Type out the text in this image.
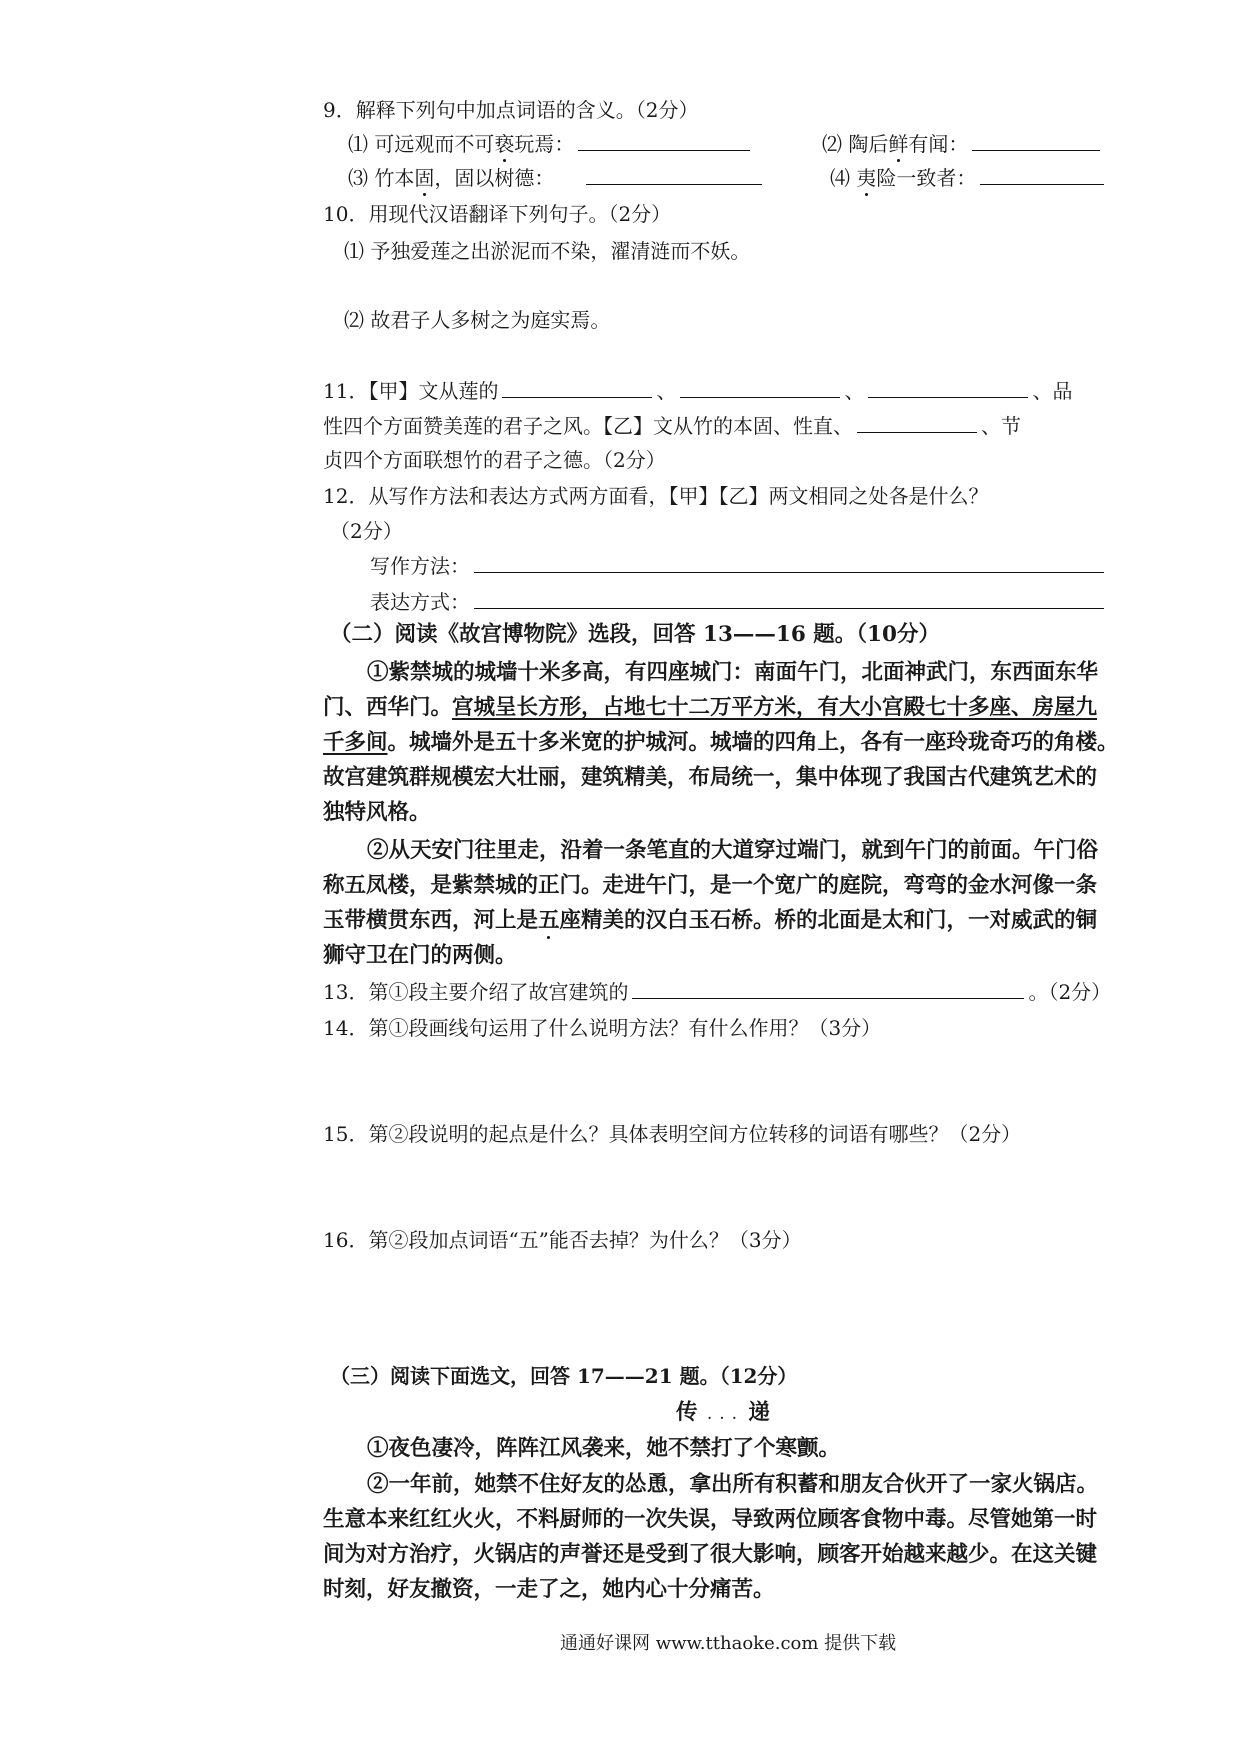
9．解释下列句中加点词语的含义。（2分）
⑴ 可远观而不可亵玩焉：	⑵ 陶后鲜有闻：
⑶ 竹本固，固以树德：	⑷ 夷险一致者：
10．用现代汉语翻译下列句子。（2分）
⑴ 予独爱莲之出淤泥而不染，濯清涟而不妖。
⑵ 故君子人多树之为庭实焉。
11．【甲】文从莲的	、	、	、品
性四个方面赞美莲的君子之风。【乙】文从竹的本固、性直、	、节
贞四个方面联想竹的君子之德。（2分）
12．从写作方法和表达方式两方面看，【甲】【乙】两文相同之处各是什么？
（2分）
写作方法：
表达方式：
（二）阅读《故宫博物院》选段，回答 13——16 题。（10分）
①紫禁城的城墙十米多高，有四座城门：南面午门，北面神武门，东西面东华
门、西华门。宫城呈长方形，占地七十二万平方米，有大小宫殿七十多座、房屋九
千多间。城墙外是五十多米宽的护城河。城墙的四角上，各有一座玲珑奇巧的角楼。
故宫建筑群规模宏大壮丽，建筑精美，布局统一，集中体现了我国古代建筑艺术的
独特风格。
②从天安门往里走，沿着一条笔直的大道穿过端门，就到午门的前面。午门俗
称五凤楼，是紫禁城的正门。走进午门，是一个宽广的庭院，弯弯的金水河像一条
玉带横贯东西，河上是五座精美的汉白玉石桥。桥的北面是太和门，一对威武的铜
狮守卫在门的两侧。
13．第①段主要介绍了故宫建筑的	。（2分）
14．第①段画线句运用了什么说明方法？有什么作用？（3分）
15．第②段说明的起点是什么？具体表明空间方位转移的词语有哪些？（2分）
16．第②段加点词语“五”能否去掉？为什么？（3分）
（三）阅读下面选文，回答 17——21 题。（12分）
传 . . . 递
①夜色凄冷，阵阵江风袭来，她不禁打了个寒颤。
②一年前，她禁不住好友的怂恿，拿出所有积蓄和朋友合伙开了一家火锅店。
生意本来红红火火，不料厨师的一次失误，导致两位顾客食物中毒。尽管她第一时
间为对方治疗，火锅店的声誉还是受到了很大影响，顾客开始越来越少。在这关键
时刻，好友撤资，一走了之，她内心十分痛苦。
通通好课网 www.tthaoke.com 提供下载
